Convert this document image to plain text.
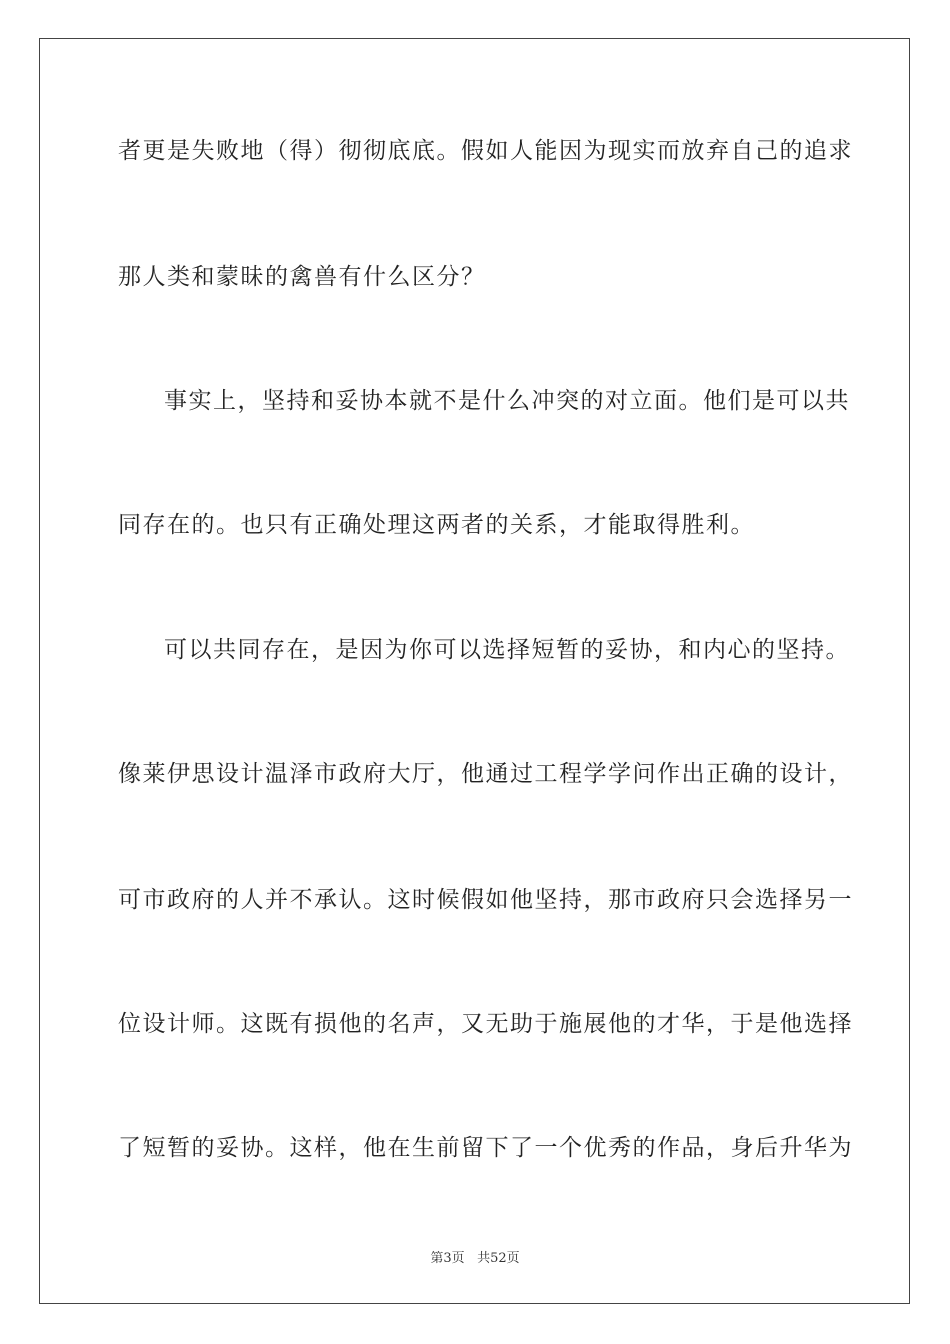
者更是失败地（得）彻彻底底。假如人能因为现实而放弃自己的追求
那人类和蒙昧的禽兽有什么区分？
事实上，坚持和妥协本就不是什么冲突的对立面。他们是可以共
同存在的。也只有正确处理这两者的关系，才能取得胜利。
可以共同存在，是因为你可以选择短暂的妥协，和内心的坚持。
像莱伊思设计温泽市政府大厅，他通过工程学学问作出正确的设计，
可市政府的人并不承认。这时候假如他坚持，那市政府只会选择另一
位设计师。这既有损他的名声，又无助于施展他的才华，于是他选择
了短暂的妥协。这样，他在生前留下了一个优秀的作品，身后升华为
第3页 共52页
